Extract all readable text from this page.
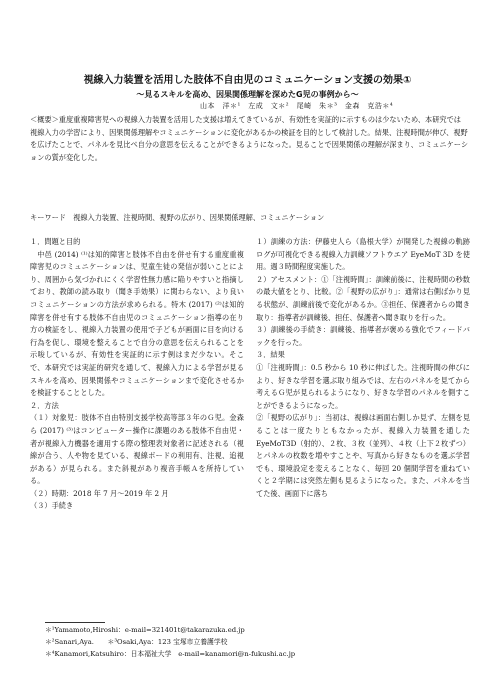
視線入力装置を活用した肢体不自由児のコミュニケーション支援の効果①
～見るスキルを高め、因果関係理解を深めたG児の事例から～
山本　洋＊¹　左成　文＊²　尾崎　朱＊³　金森　克浩＊⁴
＜概要＞重度重複障害児への視線入力装置を活用した支援は増えてきているが、有効性を実証的に示すものは少ないため、本研究では視線入力の学習により、因果関係理解やコミュニケーションに変化があるかの検証を目的として検討した。結果、注視時間が伸び、視野を広げたことで、パネルを見比べ自分の意思を伝えることができるようになった。見ることで因果関係の理解が深まり、コミュニケーションの質が変化した。
キーワード　視線入力装置、注視時間、視野の広がり、因果関係理解、コミュニケーション

１．問題と目的

中邑 (2014) ⁽¹⁾は知的障害と肢体不自由を併せ有する重度重複障害児のコミュニケーションは、児童生徒の発信が弱いことにより、周囲から気づかれにくく学習性無力感に陥りやすいと指摘しており、教師の読み取り（聞き手効果）に関わらない、より良いコミュニケーションの方法が求められる。特木 (2017) ⁽²⁾は知的障害を併せ有する肢体不自由児のコミュニケーション指導の在り方の検証をし、視線入力装置の使用で子どもが画面に目を向ける行為を促し、環境を整えることで自分の意思を伝えられることを示唆しているが、有効性を実証的に示す例はまだ少ない。そこで、本研究では実証的研究を通して、視線入力による学習が見るスキルを高め、因果関係やコミュニケーションまで変化させるかを検証することとした。

２．方法

（１）対象児：肢体不自由特別支援学校高等部３年のＧ児。金森ら (2017) ⁽³⁾はコンピューター操作に課題のある肢体不自由児・者が視線入力機器を適用する際の整理表対象者に記述される（視線が合う、人や物を見ている、視線ボードの利用有、注視、追視がある）が見られる。また斜視があり複音手帳Ａを所持している。

（２）時期：2018 年 7 月～2019 年 2 月

（３）手続き

１）訓練の方法：伊藤史人ら（島根大学）が開発した視線の軌跡ログが可視化できる視線入力訓練ソフトウエア EyeMoT 3D を使用。週３時間程度実施した。

２）アセスメント：①「注視時間」：訓練前後に、注視時間の秒数の最大値をとり、比較。②「視野の広がり」：通常は右側ばかり見る状態が、訓練前後で変化があるか。③担任、保護者からの聞き取り：指導者が訓練後、担任、保護者へ聞き取りを行った。

３）訓練後の手続き：訓練後、指導者が褒める強化でフィードバックを行った。

３．結果

①「注視時間」：0.5 秒から 10 秒に伸ばした。注視時間の伸びにより、好きな学習を選ぶ取り組みでは、左右のパネルを見てから考えるＧ児が見られるようになり、好きな学習のパネルを側すことができるようになった。

②「視野の広がり」：当初は、視線は画面右側しか見ず、左側を見ることは一度たりともなかったが、視線入力装置を通した EyeMoT3D（射的）、２枚、３枚（並列）、４枚（上下２枚ずつ）とパネルの枚数を増やすことや、写真から好きなものを選ぶ学習でも、環境設定を変えることなく、毎回 20 個間学習を重ねていくと２学期には突然左側も見るようになった。また、パネルを当てた後、画面下に落ち

＊¹Yamamoto,Hiroshi：e-mail=321401t@takarazuka.ed.jp

＊²Sanari,Aya.　　＊³Osaki,Aya：123 宝塚市立養護学校

＊⁴Kanamori,Katsuhiro：日本福祉大学　e-mail=kanamori@n-fukushi.ac.jp
